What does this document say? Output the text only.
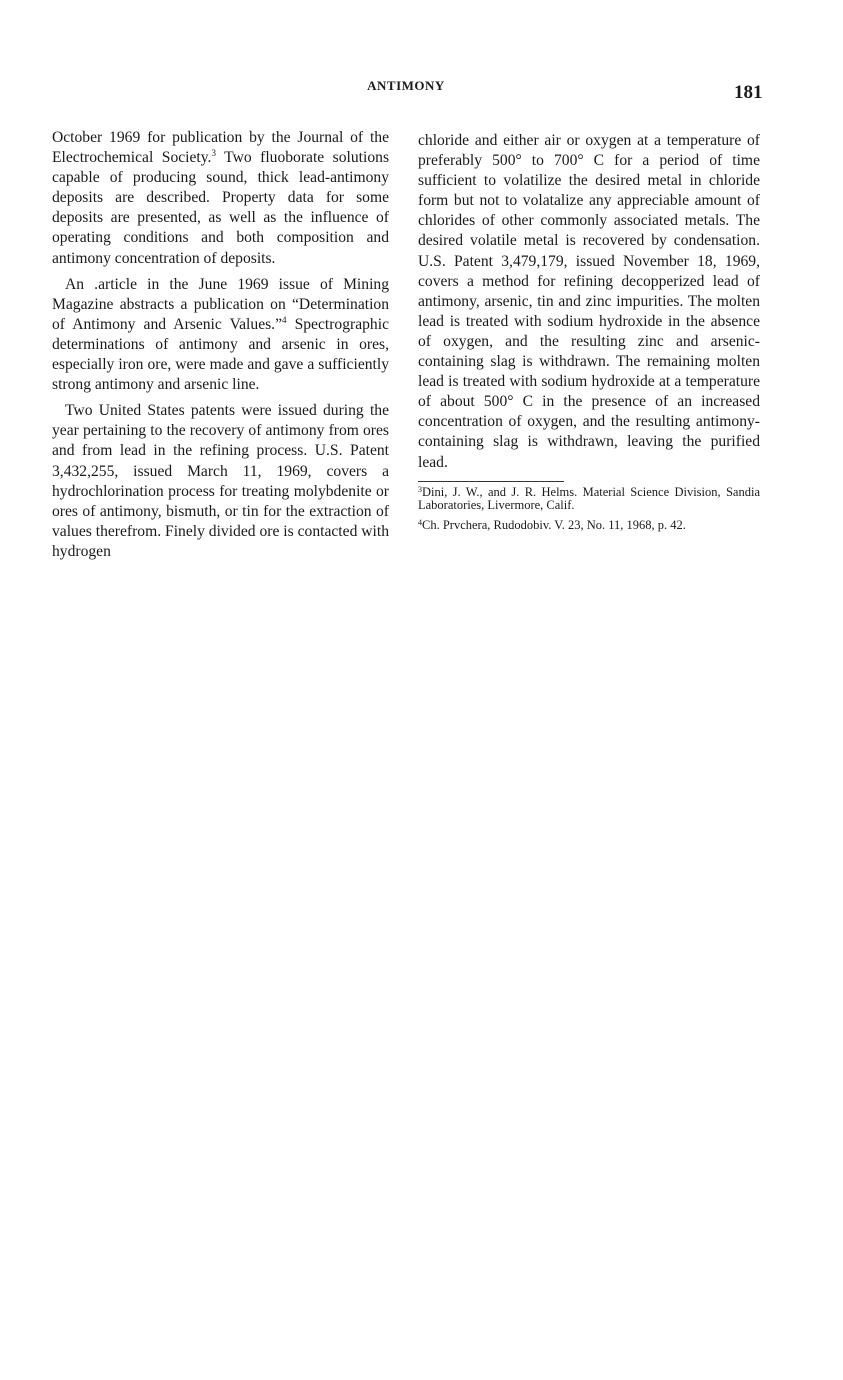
ANTIMONY	181

October 1969 for publication by the Journal of the Electrochemical Society.$^3$ Two fluoborate solutions capable of producing sound, thick lead-antimony deposits are described. Property data for some deposits are presented, as well as the influence of operating conditions and both composition and antimony concentration of deposits.

An .article in the June 1969 issue of Mining Magazine abstracts a publication on “Determination of Antimony and Arsenic Values.”$^4$ Spectrographic determinations of antimony and arsenic in ores, especially iron ore, were made and gave a sufficiently strong antimony and arsenic line.

Two United States patents were issued during the year pertaining to the recovery of antimony from ores and from lead in the refining process. U.S. Patent 3,432,255, issued March 11, 1969, covers a hydrochlorination process for treating molybdenite or ores of antimony, bismuth, or tin for the extraction of values therefrom. Finely divided ore is contacted with hydrogen

chloride and either air or oxygen at a temperature of preferably 500° to 700° C for a period of time sufficient to volatilize the desired metal in chloride form but not to volatalize any appreciable amount of chlorides of other commonly associated metals. The desired volatile metal is recovered by condensation. U.S. Patent 3,479,179, issued November 18, 1969, covers a method for refining decopperized lead of antimony, arsenic, tin and zinc impurities. The molten lead is treated with sodium hydroxide in the absence of oxygen, and the resulting zinc and arsenic-containing slag is withdrawn. The remaining molten lead is treated with sodium hydroxide at a temperature of about 500° C in the presence of an increased concentration of oxygen, and the resulting antimony-containing slag is withdrawn, leaving the purified lead.

$^3$Dini, J. W., and J. R. Helms. Material Science Division, Sandia Laboratories, Livermore, Calif.

$^4$Ch. Prvchera, Rudodobiv. V. 23, No. 11, 1968, p. 42.
